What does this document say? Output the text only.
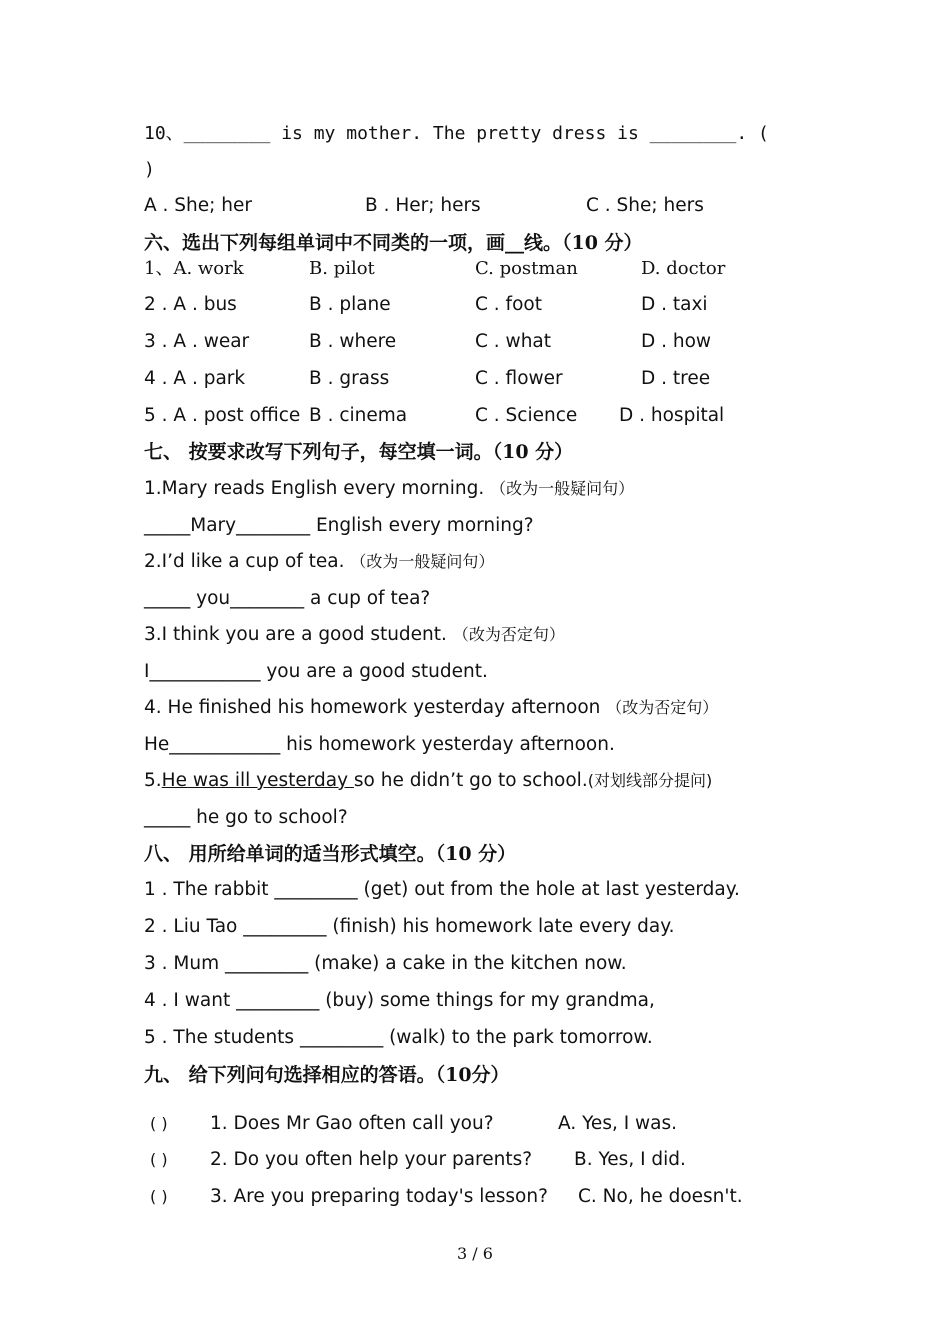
10、________ is my mother. The pretty dress is ________. (
)
A . She; her	B . Her; hers	C . She; hers
六、选出下列每组单词中不同类的一项，画__线。（10 分）
1、A. work	B. pilot	C. postman	D. doctor
2 . A . bus	B . plane	C . foot	D . taxi
3 . A . wear	B . where	C . what	D . how
4 . A . park	B . grass	C . flower	D . tree
5 . A . post office B . cinema	C . Science D . hospital
七、 按要求改写下列句子，每空填一词。（10 分）
1.Mary reads English every morning. （改为一般疑问句）
_____Mary________ English every morning?
2.I’d like a cup of tea. （改为一般疑问句）
_____ you________ a cup of tea?
3.I think you are a good student. （改为否定句）
I____________ you are a good student.
4. He finished his homework yesterday afternoon （改为否定句）
He____________ his homework yesterday afternoon.
5.He was ill yesterday so he didn’t go to school.(对划线部分提问)
_____ he go to school?
八、 用所给单词的适当形式填空。（10 分）
1 . The rabbit _________ (get) out from the hole at last yesterday.
2 . Liu Tao _________ (finish) his homework late every day.
3 . Mum _________ (make) a cake in the kitchen now.
4 . I want _________ (buy) some things for my grandma,
5 . The students _________ (walk) to the park tomorrow.
九、 给下列问句选择相应的答语。（10分）
( ) 1. Does Mr Gao often call you?	A. Yes, I was.
( ) 2. Do you often help your parents? B. Yes, I did.
( ) 3. Are you preparing today's lesson? C. No, he doesn't.
3 / 6
